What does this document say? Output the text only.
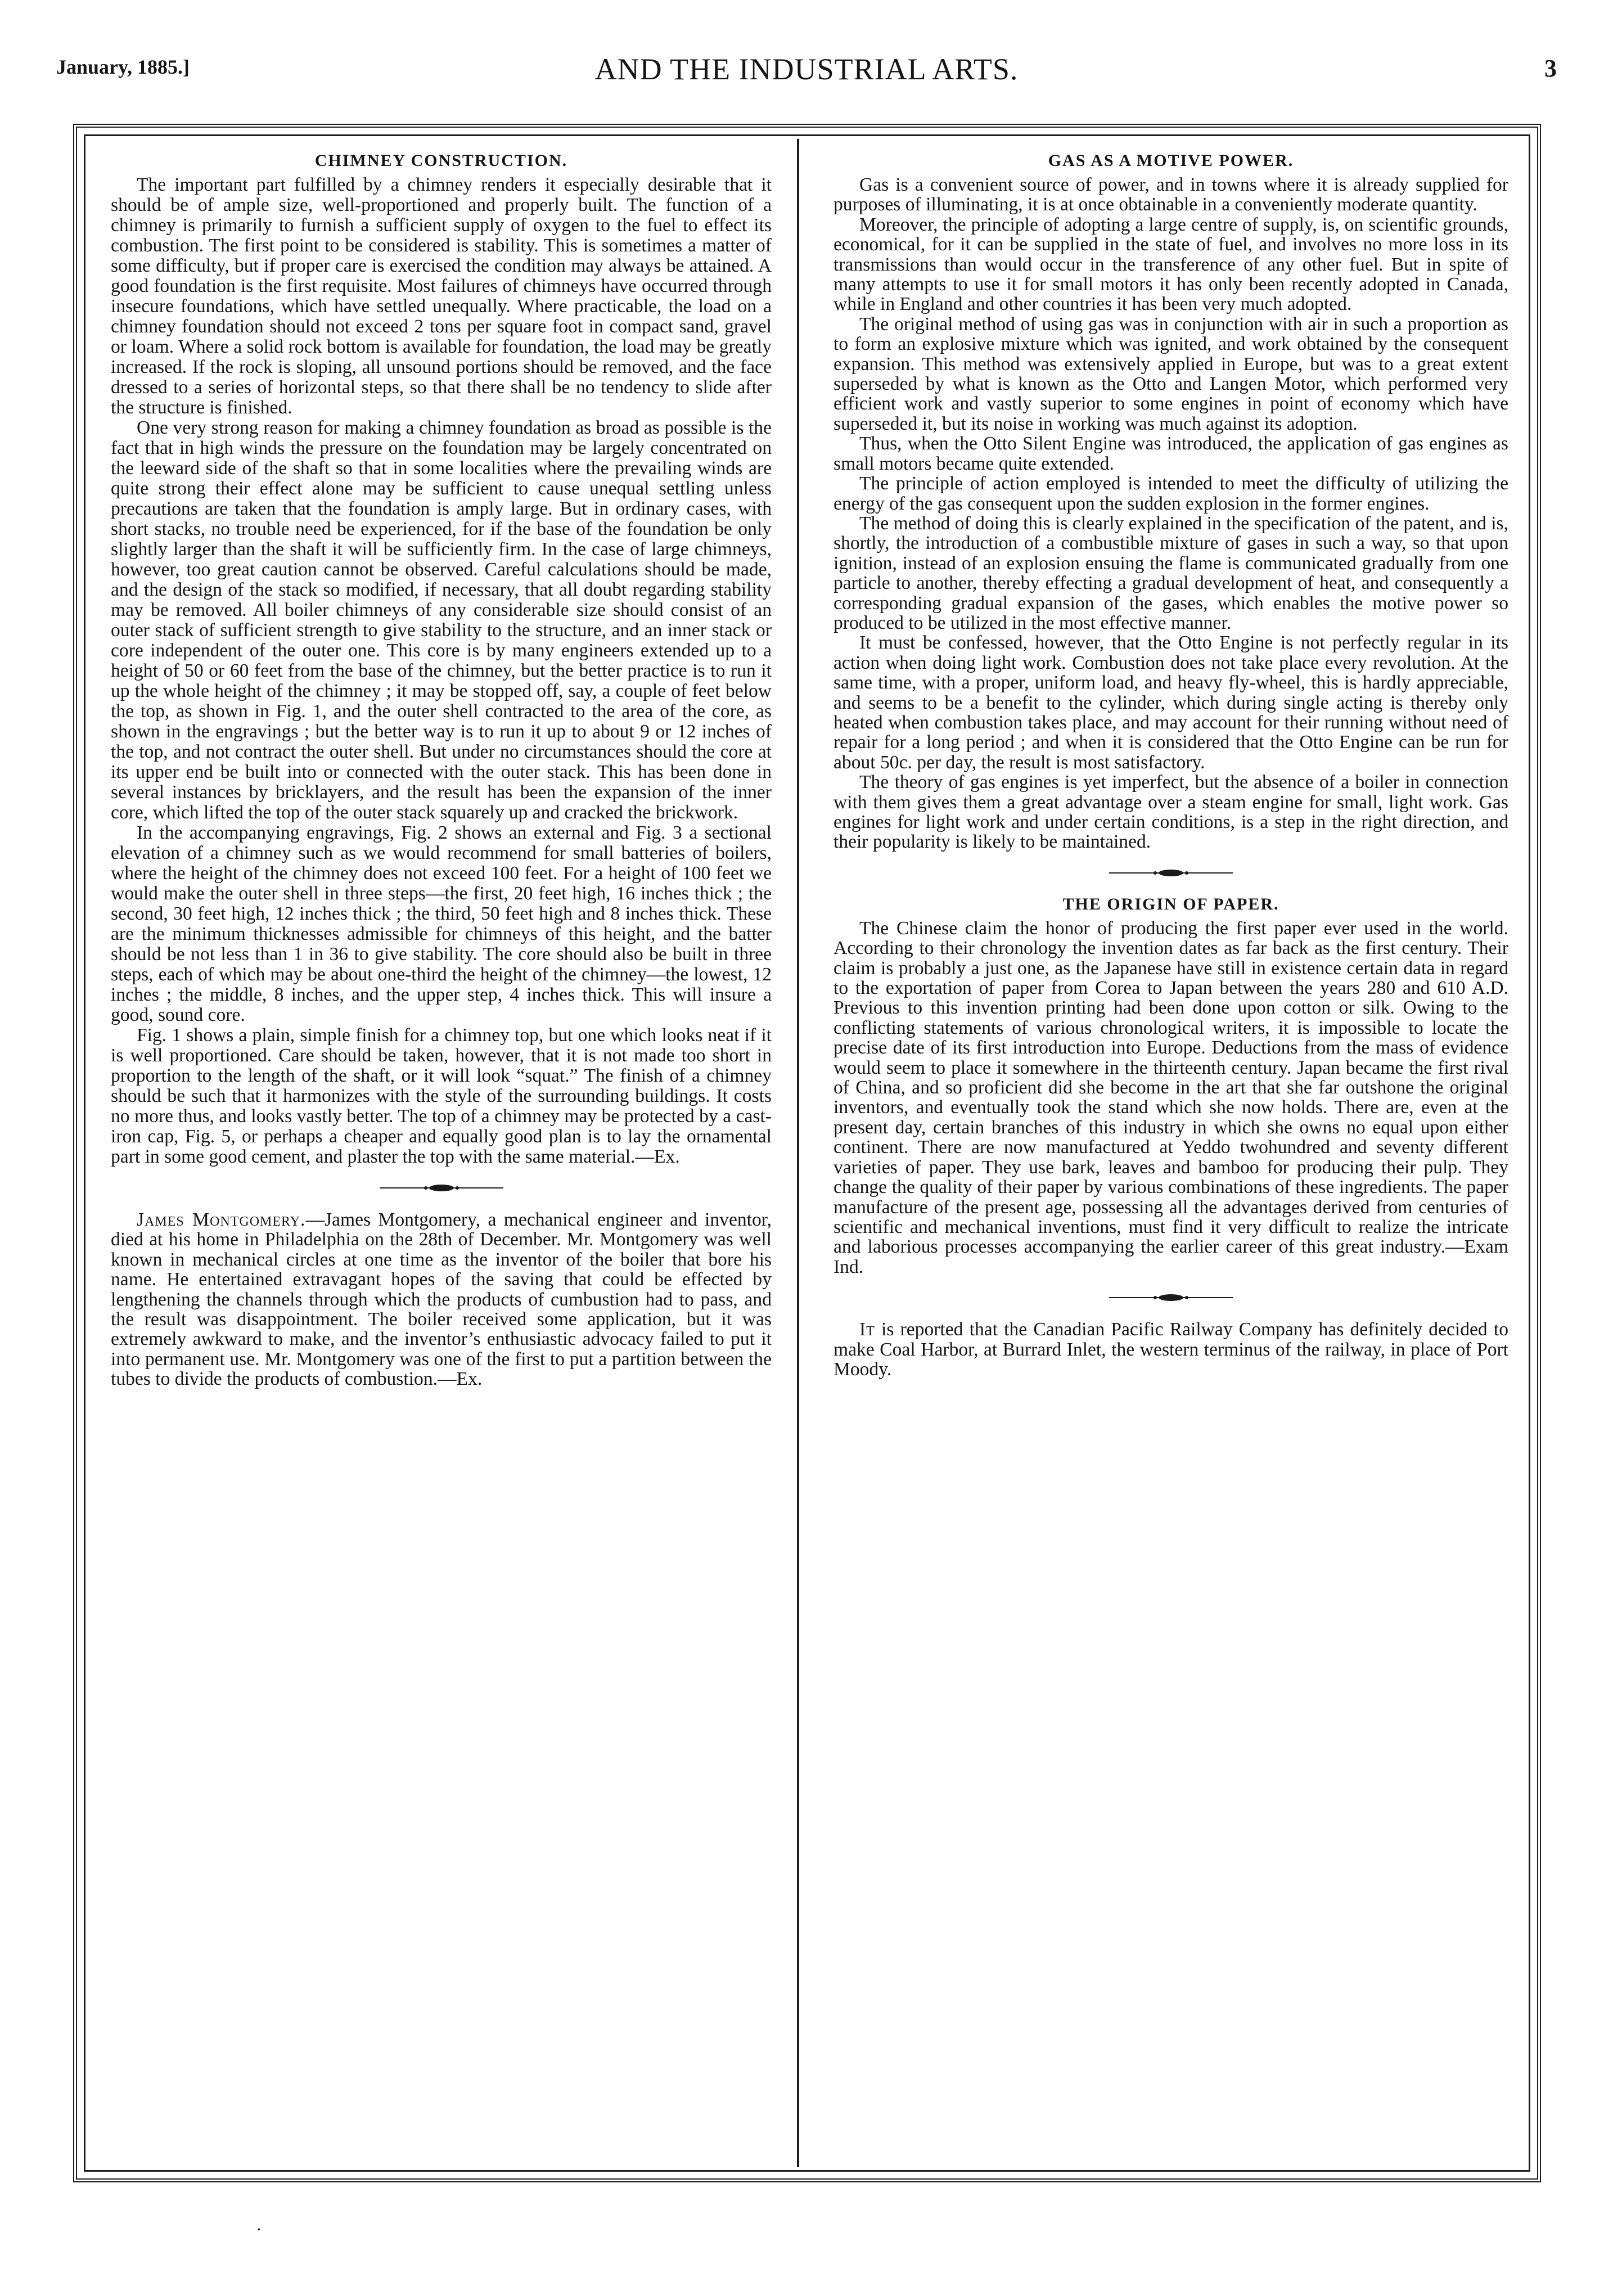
January, 1885.]	AND THE INDUSTRIAL ARTS.	3
CHIMNEY CONSTRUCTION.

The important part fulfilled by a chimney renders it especially desirable that it should be of ample size, well-proportioned and properly built. The function of a chimney is primarily to furnish a sufficient supply of oxygen to the fuel to effect its combustion. The first point to be considered is stability. This is sometimes a matter of some difficulty, but if proper care is exercised the condition may always be attained. A good foundation is the first requisite. Most failures of chimneys have occurred through insecure foundations, which have settled unequally. Where practicable, the load on a chimney foundation should not exceed 2 tons per square foot in compact sand, gravel or loam. Where a solid rock bottom is available for foundation, the load may be greatly increased. If the rock is sloping, all unsound portions should be removed, and the face dressed to a series of horizontal steps, so that there shall be no tendency to slide after the structure is finished.

One very strong reason for making a chimney foundation as broad as possible is the fact that in high winds the pressure on the foundation may be largely concentrated on the leeward side of the shaft so that in some localities where the prevailing winds are quite strong their effect alone may be sufficient to cause unequal settling unless precautions are taken that the foundation is amply large. But in ordinary cases, with short stacks, no trouble need be experienced, for if the base of the foundation be only slightly larger than the shaft it will be sufficiently firm. In the case of large chimneys, however, too great caution cannot be observed. Careful calculations should be made, and the design of the stack so modified, if necessary, that all doubt regarding stability may be removed. All boiler chimneys of any considerable size should consist of an outer stack of sufficient strength to give stability to the structure, and an inner stack or core independent of the outer one. This core is by many engineers extended up to a height of 50 or 60 feet from the base of the chimney, but the better practice is to run it up the whole height of the chimney ; it may be stopped off, say, a couple of feet below the top, as shown in Fig. 1, and the outer shell contracted to the area of the core, as shown in the engravings ; but the better way is to run it up to about 9 or 12 inches of the top, and not contract the outer shell. But under no circumstances should the core at its upper end be built into or connected with the outer stack. This has been done in several instances by bricklayers, and the result has been the expansion of the inner core, which lifted the top of the outer stack squarely up and cracked the brickwork.

In the accompanying engravings, Fig. 2 shows an external and Fig. 3 a sectional elevation of a chimney such as we would recommend for small batteries of boilers, where the height of the chimney does not exceed 100 feet. For a height of 100 feet we would make the outer shell in three steps—the first, 20 feet high, 16 inches thick ; the second, 30 feet high, 12 inches thick ; the third, 50 feet high and 8 inches thick. These are the minimum thicknesses admissible for chimneys of this height, and the batter should be not less than 1 in 36 to give stability. The core should also be built in three steps, each of which may be about one-third the height of the chimney—the lowest, 12 inches ; the middle, 8 inches, and the upper step, 4 inches thick. This will insure a good, sound core.

Fig. 1 shows a plain, simple finish for a chimney top, but one which looks neat if it is well proportioned. Care should be taken, however, that it is not made too short in proportion to the length of the shaft, or it will look “squat.” The finish of a chimney should be such that it harmonizes with the style of the surrounding buildings. It costs no more thus, and looks vastly better. The top of a chimney may be protected by a cast-iron cap, Fig. 5, or perhaps a cheaper and equally good plan is to lay the ornamental part in some good cement, and plaster the top with the same material.—Ex.

James Montgomery.—James Montgomery, a mechanical engineer and inventor, died at his home in Philadelphia on the 28th of December. Mr. Montgomery was well known in mechanical circles at one time as the inventor of the boiler that bore his name. He entertained extravagant hopes of the saving that could be effected by lengthening the channels through which the products of cumbustion had to pass, and the result was disappointment. The boiler received some application, but it was extremely awkward to make, and the inventor’s enthusiastic advocacy failed to put it into permanent use. Mr. Montgomery was one of the first to put a partition between the tubes to divide the products of combustion.—Ex.

GAS AS A MOTIVE POWER.

Gas is a convenient source of power, and in towns where it is already supplied for purposes of illuminating, it is at once obtainable in a conveniently moderate quantity.

Moreover, the principle of adopting a large centre of supply, is, on scientific grounds, economical, for it can be supplied in the state of fuel, and involves no more loss in its transmissions than would occur in the transference of any other fuel. But in spite of many attempts to use it for small motors it has only been recently adopted in Canada, while in England and other countries it has been very much adopted.

The original method of using gas was in conjunction with air in such a proportion as to form an explosive mixture which was ignited, and work obtained by the consequent expansion. This method was extensively applied in Europe, but was to a great extent superseded by what is known as the Otto and Langen Motor, which performed very efficient work and vastly superior to some engines in point of economy which have superseded it, but its noise in working was much against its adoption.

Thus, when the Otto Silent Engine was introduced, the application of gas engines as small motors became quite extended.

The principle of action employed is intended to meet the difficulty of utilizing the energy of the gas consequent upon the sudden explosion in the former engines.

The method of doing this is clearly explained in the specification of the patent, and is, shortly, the introduction of a combustible mixture of gases in such a way, so that upon ignition, instead of an explosion ensuing the flame is communicated gradually from one particle to another, thereby effecting a gradual development of heat, and consequently a corresponding gradual expansion of the gases, which enables the motive power so produced to be utilized in the most effective manner.

It must be confessed, however, that the Otto Engine is not perfectly regular in its action when doing light work. Combustion does not take place every revolution. At the same time, with a proper, uniform load, and heavy fly-wheel, this is hardly appreciable, and seems to be a benefit to the cylinder, which during single acting is thereby only heated when combustion takes place, and may account for their running without need of repair for a long period ; and when it is considered that the Otto Engine can be run for about 50c. per day, the result is most satisfactory.

The theory of gas engines is yet imperfect, but the absence of a boiler in connection with them gives them a great advantage over a steam engine for small, light work. Gas engines for light work and under certain conditions, is a step in the right direction, and their popularity is likely to be maintained.

THE ORIGIN OF PAPER.

The Chinese claim the honor of producing the first paper ever used in the world. According to their chronology the invention dates as far back as the first century. Their claim is probably a just one, as the Japanese have still in existence certain data in regard to the exportation of paper from Corea to Japan between the years 280 and 610 A.D. Previous to this invention printing had been done upon cotton or silk. Owing to the conflicting statements of various chronological writers, it is impossible to locate the precise date of its first introduction into Europe. Deductions from the mass of evidence would seem to place it somewhere in the thirteenth century. Japan became the first rival of China, and so proficient did she become in the art that she far outshone the original inventors, and eventually took the stand which she now holds. There are, even at the present day, certain branches of this industry in which she owns no equal upon either continent. There are now manufactured at Yeddo twohundred and seventy different varieties of paper. They use bark, leaves and bamboo for producing their pulp. They change the quality of their paper by various combinations of these ingredients. The paper manufacture of the present age, possessing all the advantages derived from centuries of scientific and mechanical inventions, must find it very difficult to realize the intricate and laborious processes accompanying the earlier career of this great industry.—Exam Ind.

It is reported that the Canadian Pacific Railway Company has definitely decided to make Coal Harbor, at Burrard Inlet, the western terminus of the railway, in place of Port Moody.

·
